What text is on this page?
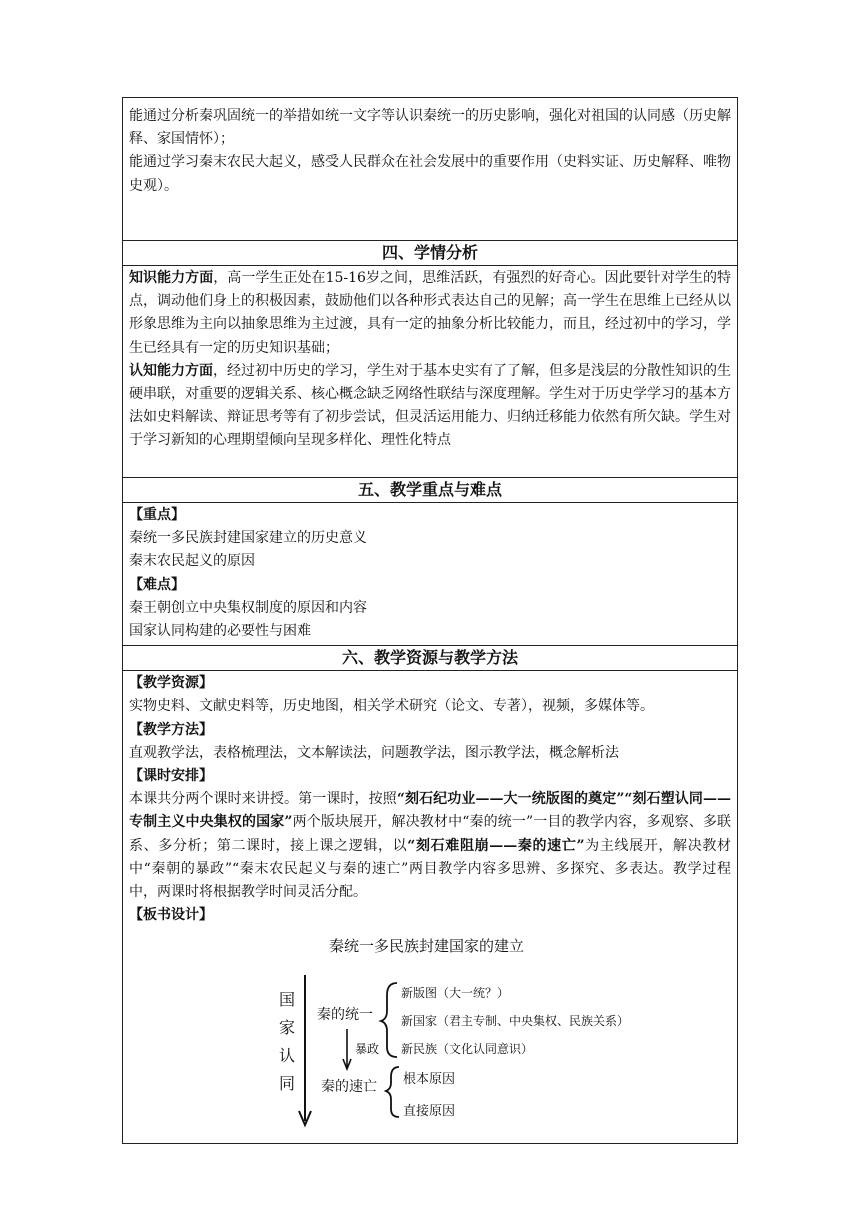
能通过分析秦巩固统一的举措如统一文字等认识秦统一的历史影响，强化对祖国的认同感（历史解释、家国情怀）；

能通过学习秦末农民大起义，感受人民群众在社会发展中的重要作用（史料实证、历史解释、唯物史观）。

四、学情分析

知识能力方面，高一学生正处在15-16岁之间，思维活跃，有强烈的好奇心。因此要针对学生的特点，调动他们身上的积极因素，鼓励他们以各种形式表达自己的见解；高一学生在思维上已经从以形象思维为主向以抽象思维为主过渡，具有一定的抽象分析比较能力，而且，经过初中的学习，学生已经具有一定的历史知识基础；

认知能力方面，经过初中历史的学习，学生对于基本史实有了了解，但多是浅层的分散性知识的生硬串联，对重要的逻辑关系、核心概念缺乏网络性联结与深度理解。学生对于历史学学习的基本方法如史料解读、辩证思考等有了初步尝试，但灵活运用能力、归纳迁移能力依然有所欠缺。学生对于学习新知的心理期望倾向呈现多样化、理性化特点

五、教学重点与难点
【重点】

秦统一多民族封建国家建立的历史意义

秦末农民起义的原因

【难点】

秦王朝创立中央集权制度的原因和内容

国家认同构建的必要性与困难

六、教学资源与教学方法
【教学资源】

实物史料、文献史料等，历史地图，相关学术研究（论文、专著），视频，多媒体等。

【教学方法】

直观教学法，表格梳理法，文本解读法，问题教学法，图示教学法，概念解析法

【课时安排】

本课共分两个课时来讲授。第一课时，按照“刻石纪功业——大一统版图的奠定”“刻石塑认同——专制主义中央集权的国家”两个版块展开，解决教材中“秦的统一”一目的教学内容，多观察、多联系、多分析；第二课时，接上课之逻辑，以“刻石难阻崩——秦的速亡”为主线展开，解决教材中“秦朝的暴政”“秦末农民起义与秦的速亡”两目教学内容多思辨、多探究、多表达。教学过程中，两课时将根据教学时间灵活分配。

【板书设计】
秦统一多民族封建国家的建立
国
家
认
同
秦的统一
新版图（大一统？）
新国家（君主专制、中央集权、民族关系）
新民族（文化认同意识）
暴政
秦的速亡 根本原因
直接原因
